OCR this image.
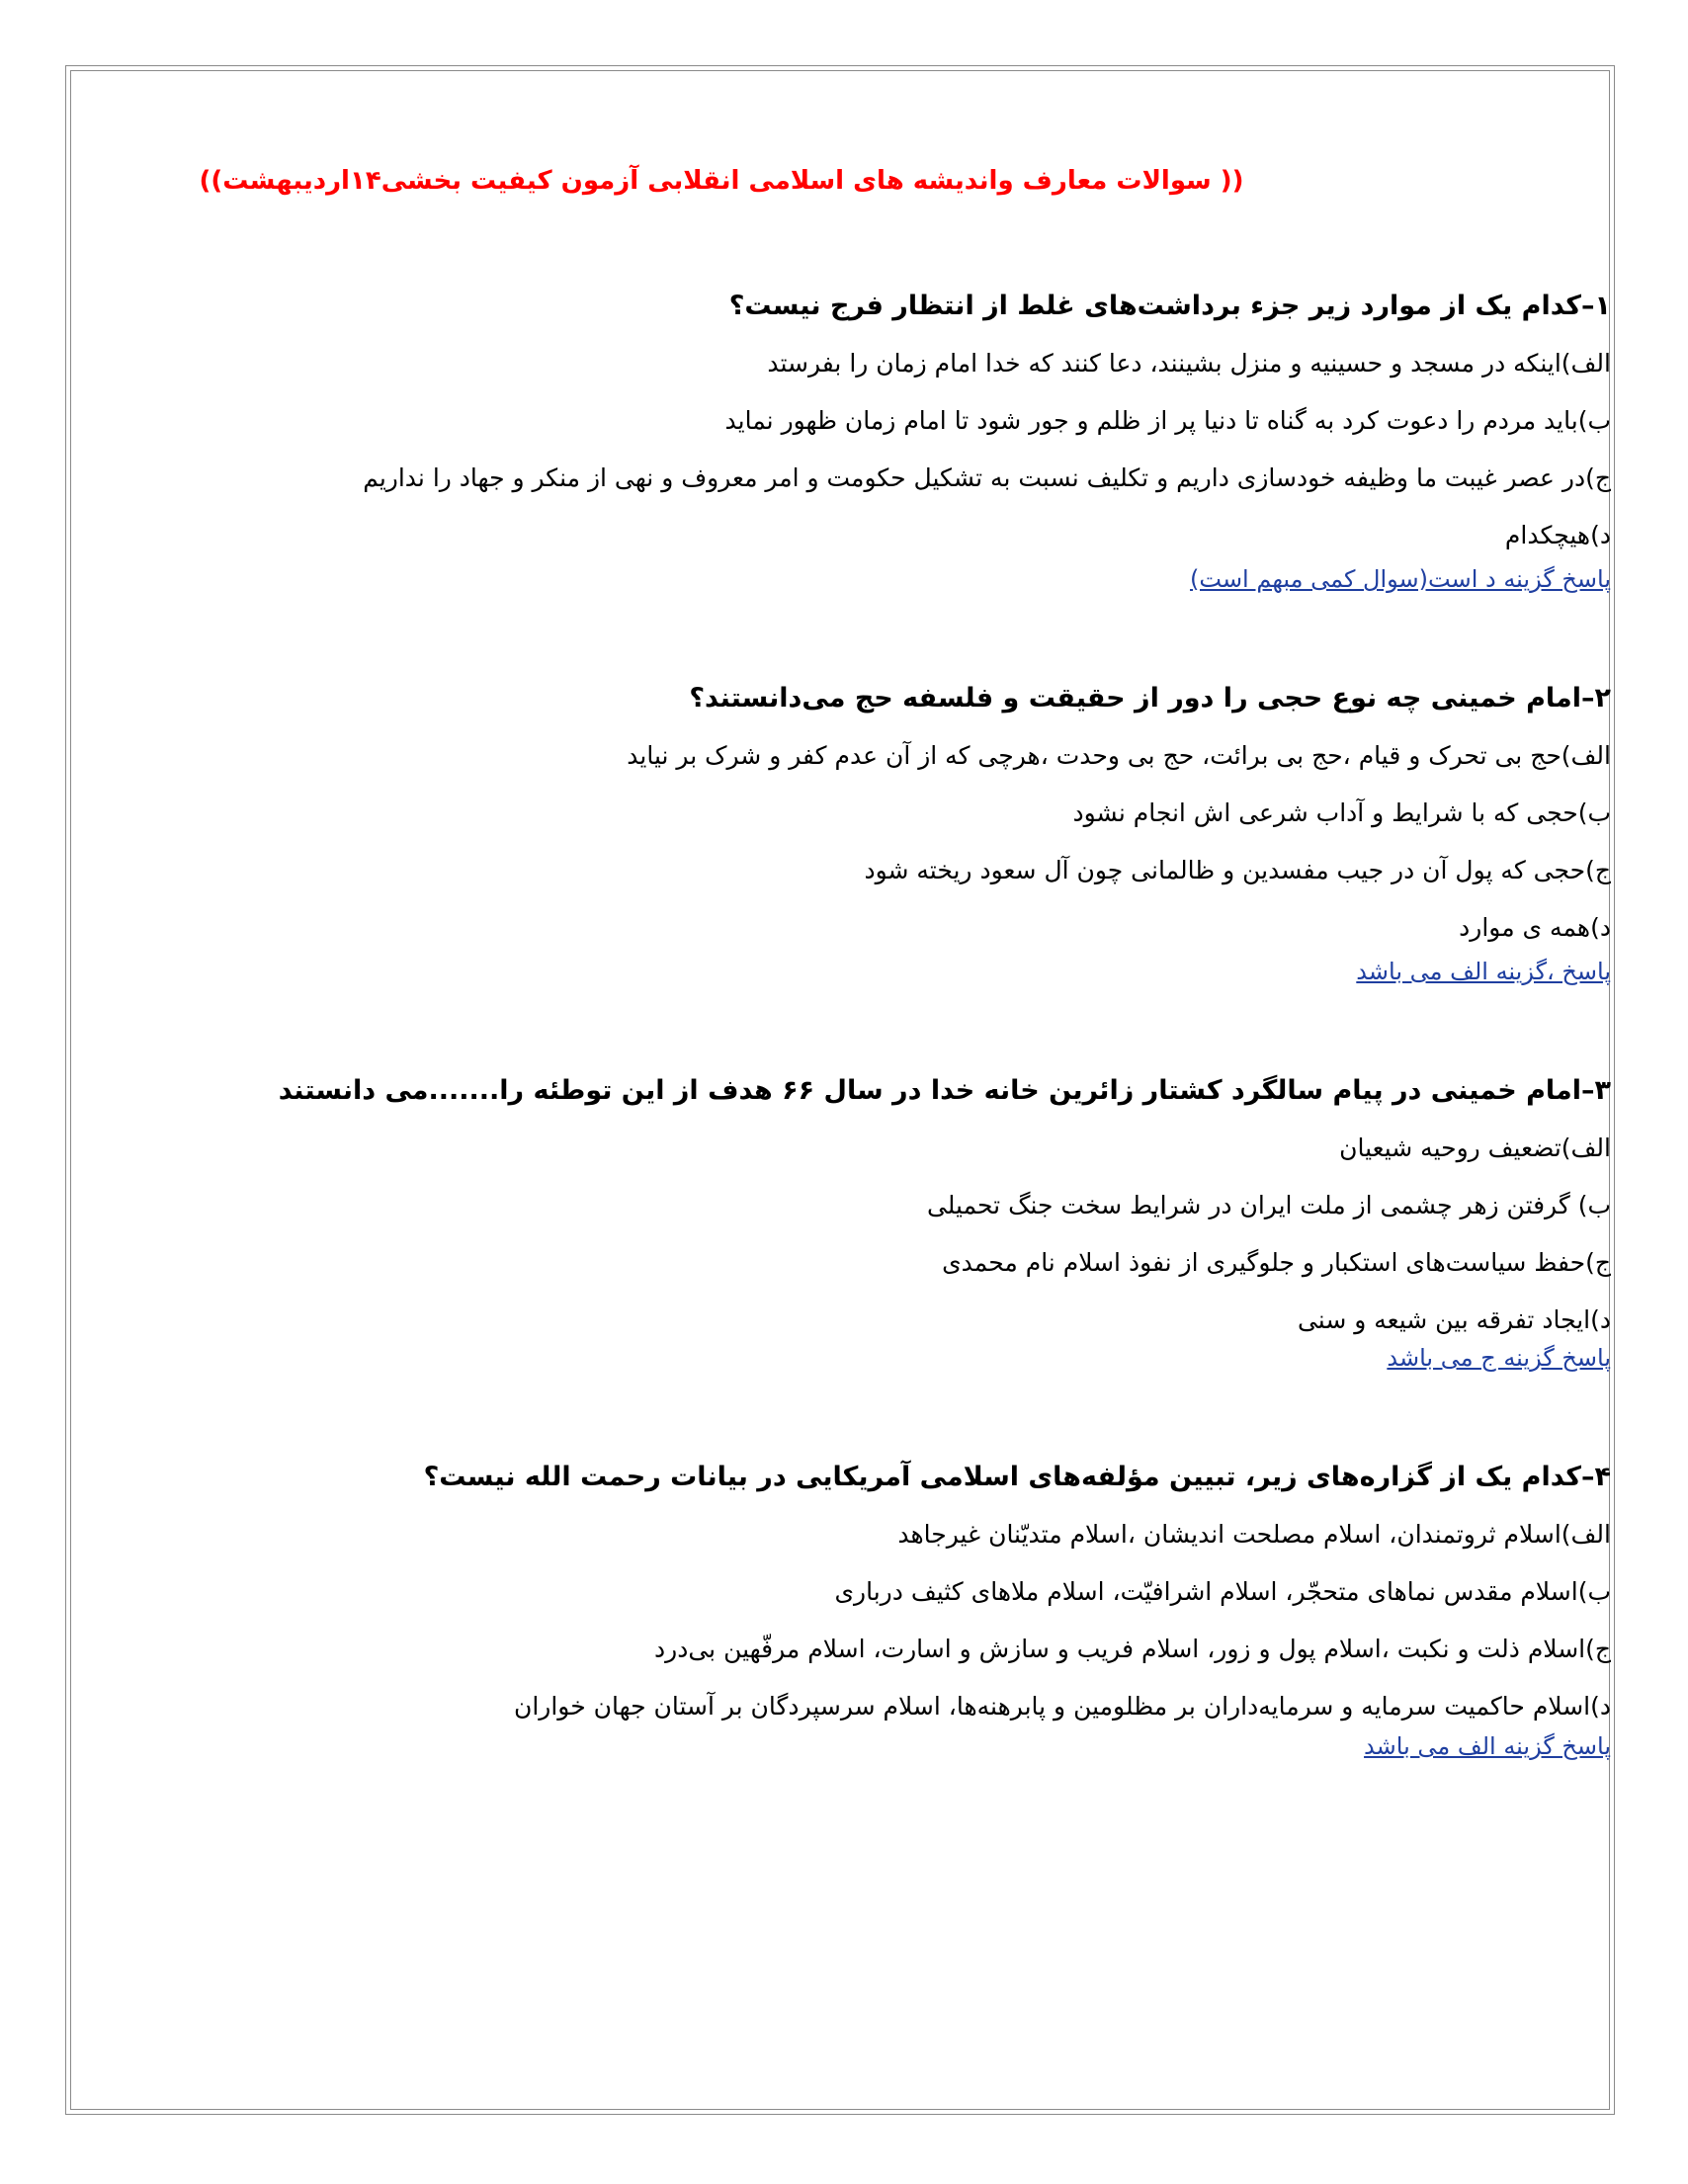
(( سوالات معارف واندیشه های اسلامی انقلابی آزمون کیفیت بخشی۱۴اردیبهشت))
۱–کدام یک از موارد زیر جزء برداشت‌های غلط از انتظار فرج نیست؟
الف)اینکه در مسجد و حسینیه و منزل بشینند، دعا کنند که خدا امام زمان را بفرستد
ب)باید مردم را دعوت کرد به گناه تا دنیا پر از ظلم و جور شود تا امام زمان ظهور نماید
ج)در عصر غیبت ما وظیفه خودسازی داریم و تکلیف نسبت به تشکیل حکومت و امر معروف و نهی از منکر و جهاد را نداریم
د)هیچکدام
پاسخ گزینه د است(سوال کمی مبهم است)
۲–امام خمینی چه نوع حجی را دور از حقیقت و فلسفه حج می‌دانستند؟
الف)حج بی تحرک و قیام ،حج بی برائت، حج بی وحدت ،هرچی که از آن عدم کفر و شرک بر نیاید
ب)حجی که با شرایط و آداب شرعی اش انجام نشود
ج)حجی که پول آن در جیب مفسدین و ظالمانی چون آل سعود ریخته شود
د)همه ی موارد
پاسخ ،گزینه الف می باشد
۳–امام خمینی در پیام سالگرد کشتار زائرین خانه خدا در سال ۶۶ هدف از این توطئه را.......می دانستند
الف)تضعیف روحیه شیعیان
ب) گرفتن زهر چشمی از ملت ایران در شرایط سخت جنگ تحمیلی
ج)حفظ سیاست‌های استکبار و جلوگیری از نفوذ اسلام نام محمدی
د)ایجاد تفرقه بین شیعه و سنی
پاسخ گزینه ج می باشد
۴–کدام یک از گزاره‌های زیر، تبیین مؤلفه‌های اسلامی آمریکایی در بیانات رحمت الله نیست؟
الف)اسلام ثروتمندان، اسلام مصلحت اندیشان ،اسلام متدیّنان غیرجاهد
ب)اسلام مقدس نماهای متحجّر، اسلام اشرافیّت، اسلام ملاهای کثیف درباری
ج)اسلام ذلت و نکبت ،اسلام پول و زور، اسلام فریب و سازش و اسارت، اسلام مرفّهین بی‌درد
د)اسلام حاکمیت سرمایه و سرمایه‌داران بر مظلومین و پابرهنه‌ها، اسلام سرسپردگان بر آستان جهان خواران
پاسخ گزینه الف می باشد
